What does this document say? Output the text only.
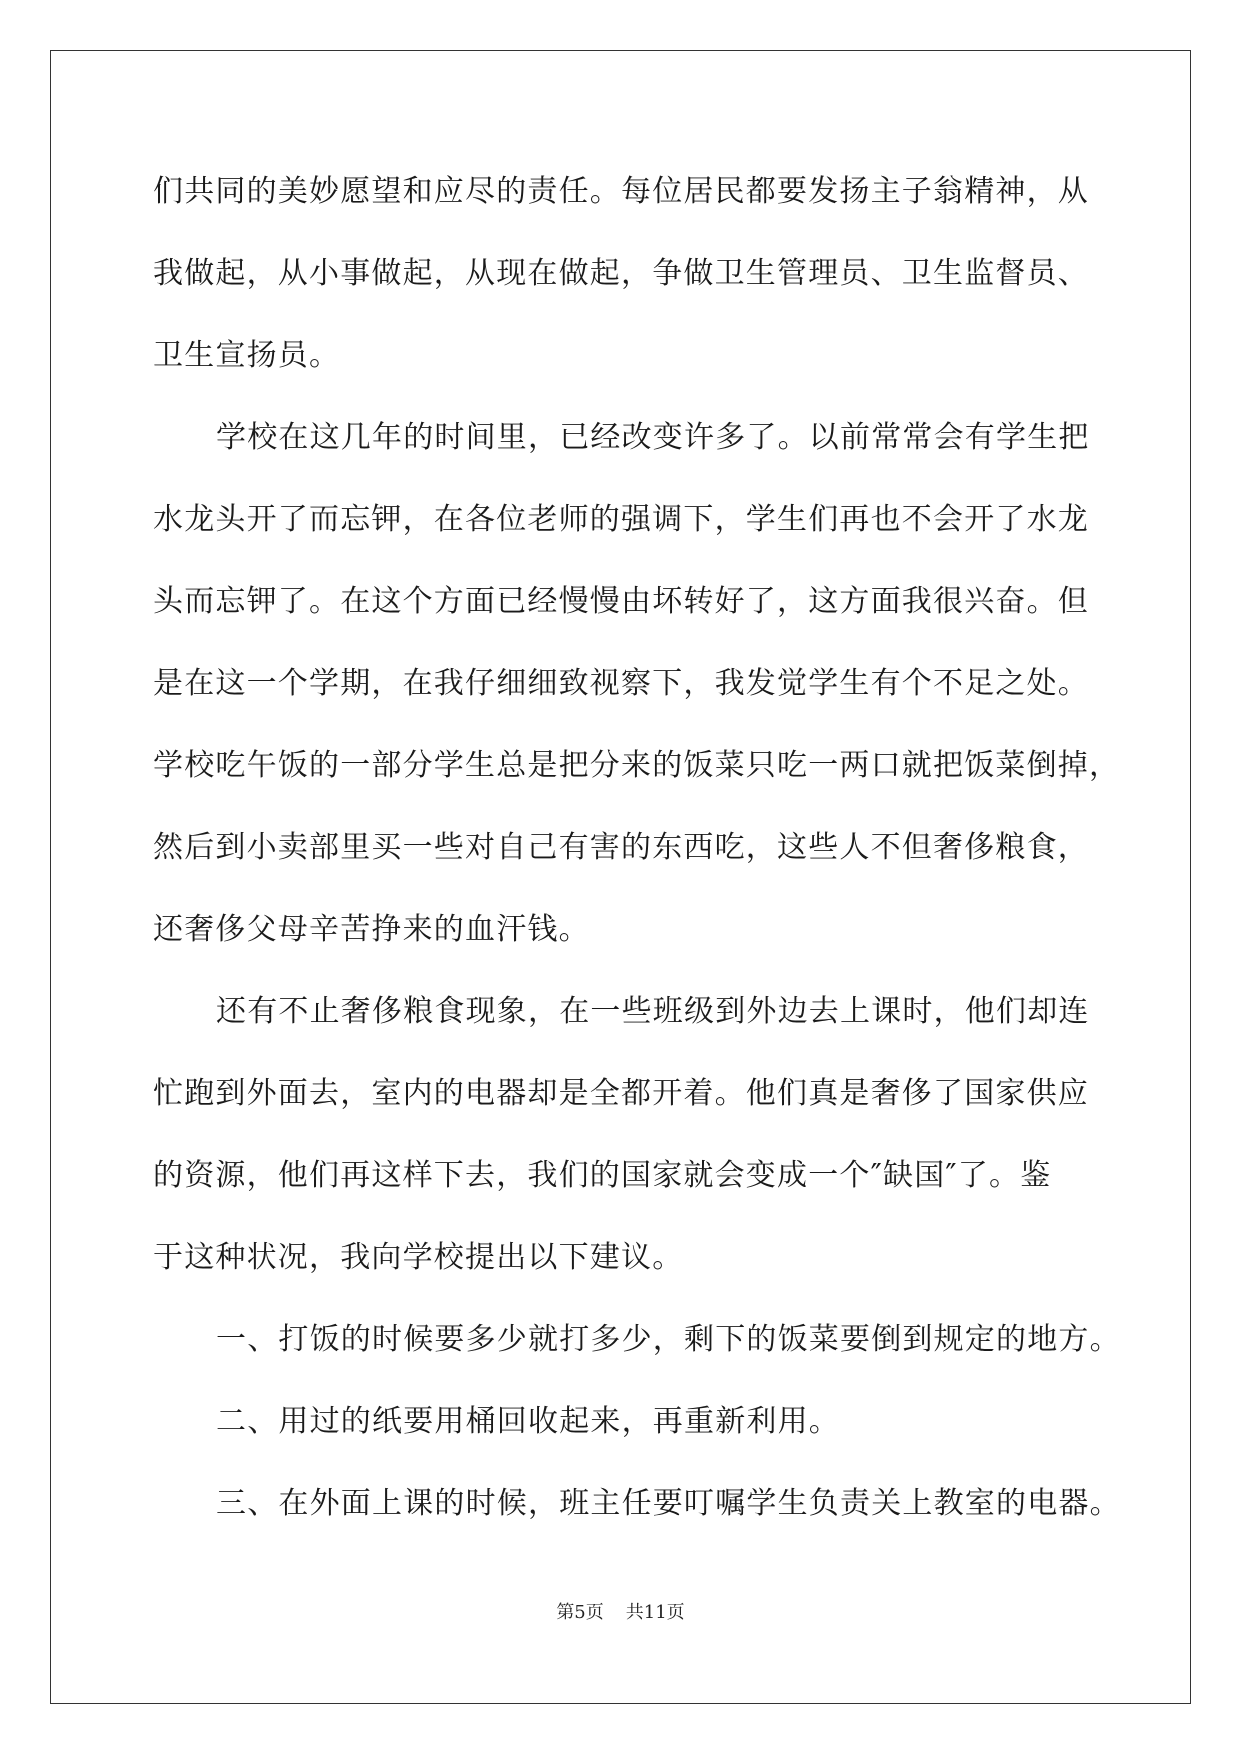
们共同的美妙愿望和应尽的责任。每位居民都要发扬主子翁精神，从
我做起，从小事做起，从现在做起，争做卫生管理员、卫生监督员、
卫生宣扬员。
学校在这几年的时间里，已经改变许多了。以前常常会有学生把
水龙头开了而忘钾，在各位老师的强调下，学生们再也不会开了水龙
头而忘钾了。在这个方面已经慢慢由坏转好了，这方面我很兴奋。但
是在这一个学期，在我仔细细致视察下，我发觉学生有个不足之处。
学校吃午饭的一部分学生总是把分来的饭菜只吃一两口就把饭菜倒掉，
然后到小卖部里买一些对自己有害的东西吃，这些人不但奢侈粮食，
还奢侈父母辛苦挣来的血汗钱。
还有不止奢侈粮食现象，在一些班级到外边去上课时，他们却连
忙跑到外面去，室内的电器却是全都开着。他们真是奢侈了国家供应
的资源，他们再这样下去，我们的国家就会变成一个″缺国″了。鉴
于这种状况，我向学校提出以下建议。
一、打饭的时候要多少就打多少，剩下的饭菜要倒到规定的地方。
二、用过的纸要用桶回收起来，再重新利用。
三、在外面上课的时候，班主任要叮嘱学生负责关上教室的电器。
第5页 共11页
